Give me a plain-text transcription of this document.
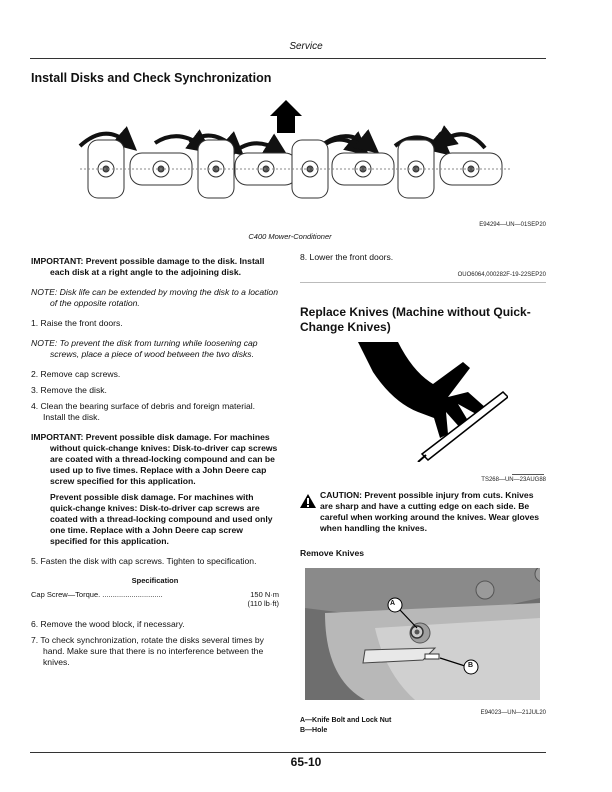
Service
Install Disks and Check Synchronization
E94294—UN—01SEP20
C400 Mower-Conditioner

IMPORTANT: Prevent possible damage to the disk. Install each disk at a right angle to the adjoining disk.

NOTE: Disk life can be extended by moving the disk to a location of the opposite rotation.

1. Raise the front doors.

NOTE: To prevent the disk from turning while loosening cap screws, place a piece of wood between the two disks.

2. Remove cap screws.

3. Remove the disk.

4. Clean the bearing surface of debris and foreign material. Install the disk.

IMPORTANT: Prevent possible disk damage. For machines without quick-change knives: Disk-to-driver cap screws are coated with a thread-locking compound and can be used up to five times. Replace with a John Deere cap screw specified for this application.

Prevent possible disk damage. For machines with quick-change knives: Disk-to-driver cap screws are coated with a thread-locking compound and used only one time. Replace with a John Deere cap screw specified for this application.

5. Fasten the disk with cap screws. Tighten to specification.

Specification

Cap Screw—Torque. .............................	150 N·m
(110 lb·ft)

6. Remove the wood block, if necessary.

7. To check synchronization, rotate the disks several times by hand. Make sure that there is no interference between the knives.

8. Lower the front doors.
OUO6064,000282F-19-22SEP20
Replace Knives (Machine without Quick-Change Knives)
TS268—UN—23AUG88
CAUTION: Prevent possible injury from cuts. Knives are sharp and have a cutting edge on each side. Be careful when working around the knives. Wear gloves when handling the knives.
Remove Knives
A
B
E94023—UN—21JUL20
A—Knife Bolt and Lock Nut
B—Hole
65-10
